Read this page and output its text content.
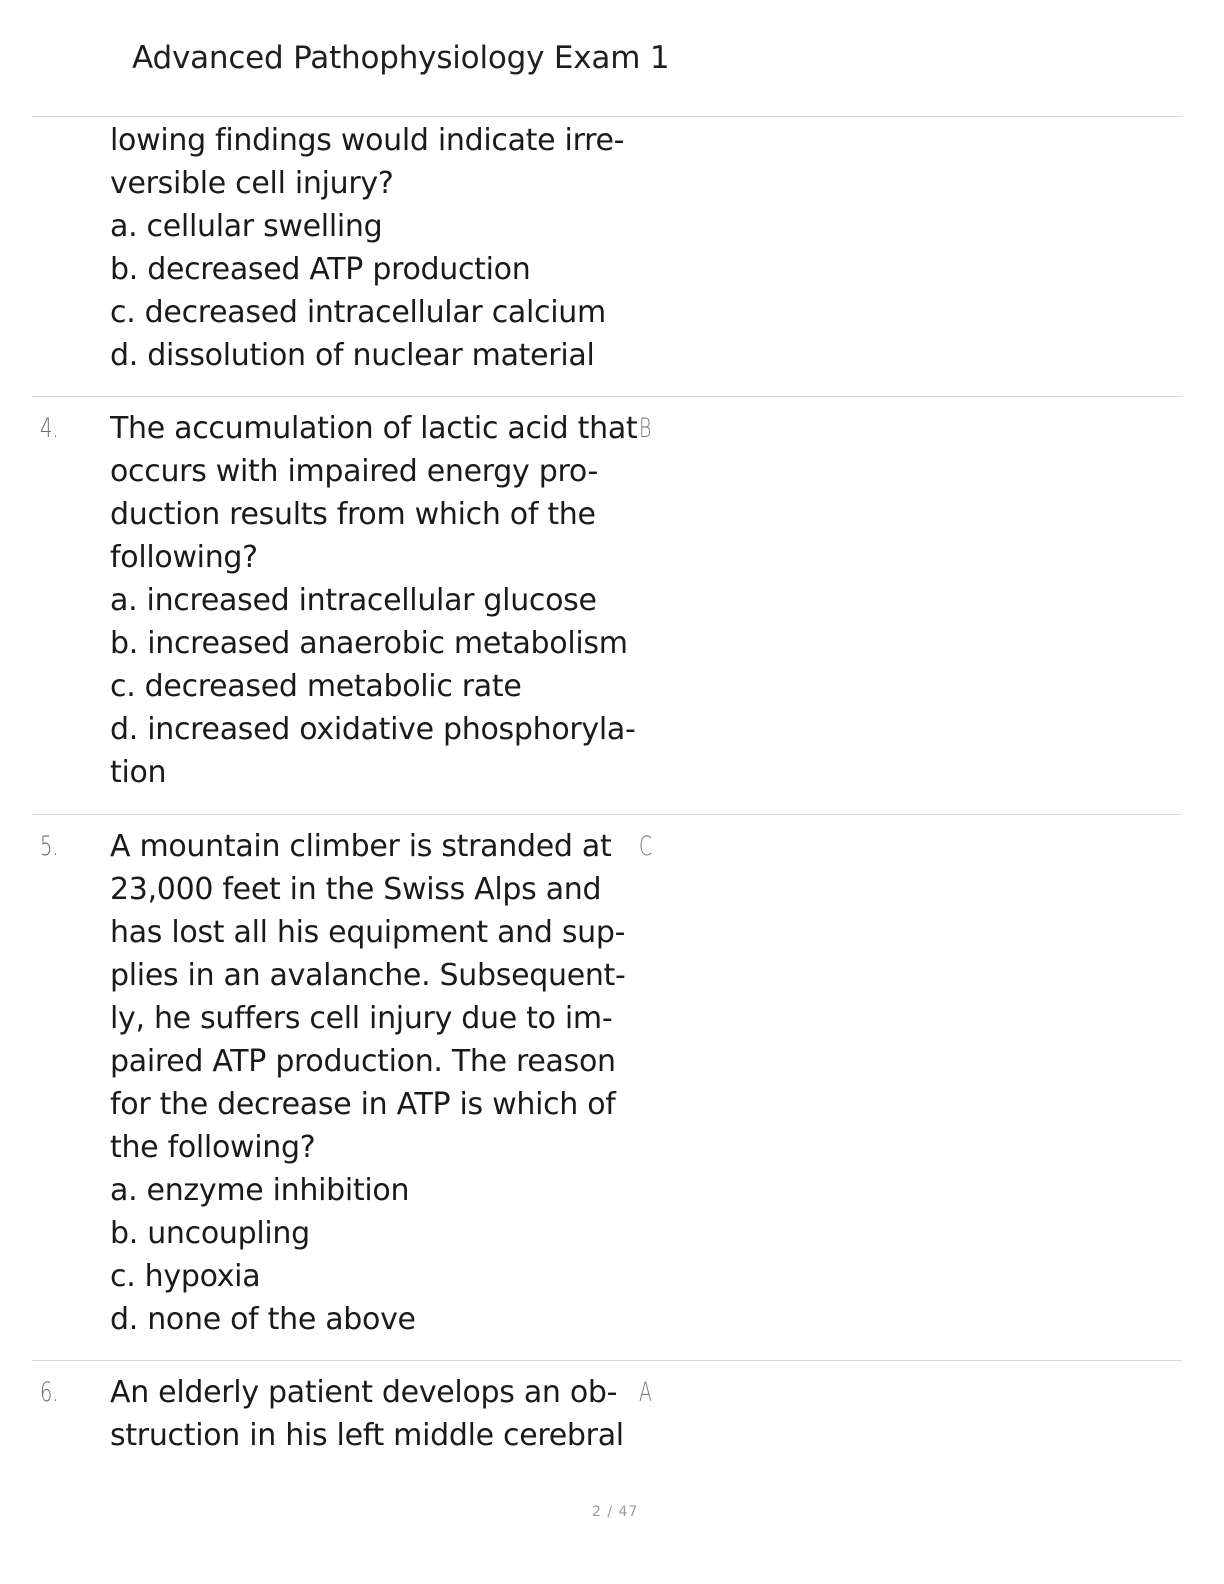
Advanced Pathophysiology Exam 1
lowing findings would indicate irre-
versible cell injury?
a. cellular swelling
b. decreased ATP production
c. decreased intracellular calcium
d. dissolution of nuclear material
4.	B
The accumulation of lactic acid that
occurs with impaired energy pro-
duction results from which of the
following?
a. increased intracellular glucose
b. increased anaerobic metabolism
c. decreased metabolic rate
d. increased oxidative phosphoryla-
tion
5.	C
A mountain climber is stranded at
23,000 feet in the Swiss Alps and
has lost all his equipment and sup-
plies in an avalanche. Subsequent-
ly, he suffers cell injury due to im-
paired ATP production. The reason
for the decrease in ATP is which of
the following?
a. enzyme inhibition
b. uncoupling
c. hypoxia
d. none of the above
6.	A
An elderly patient develops an ob-
struction in his left middle cerebral
2 / 47
